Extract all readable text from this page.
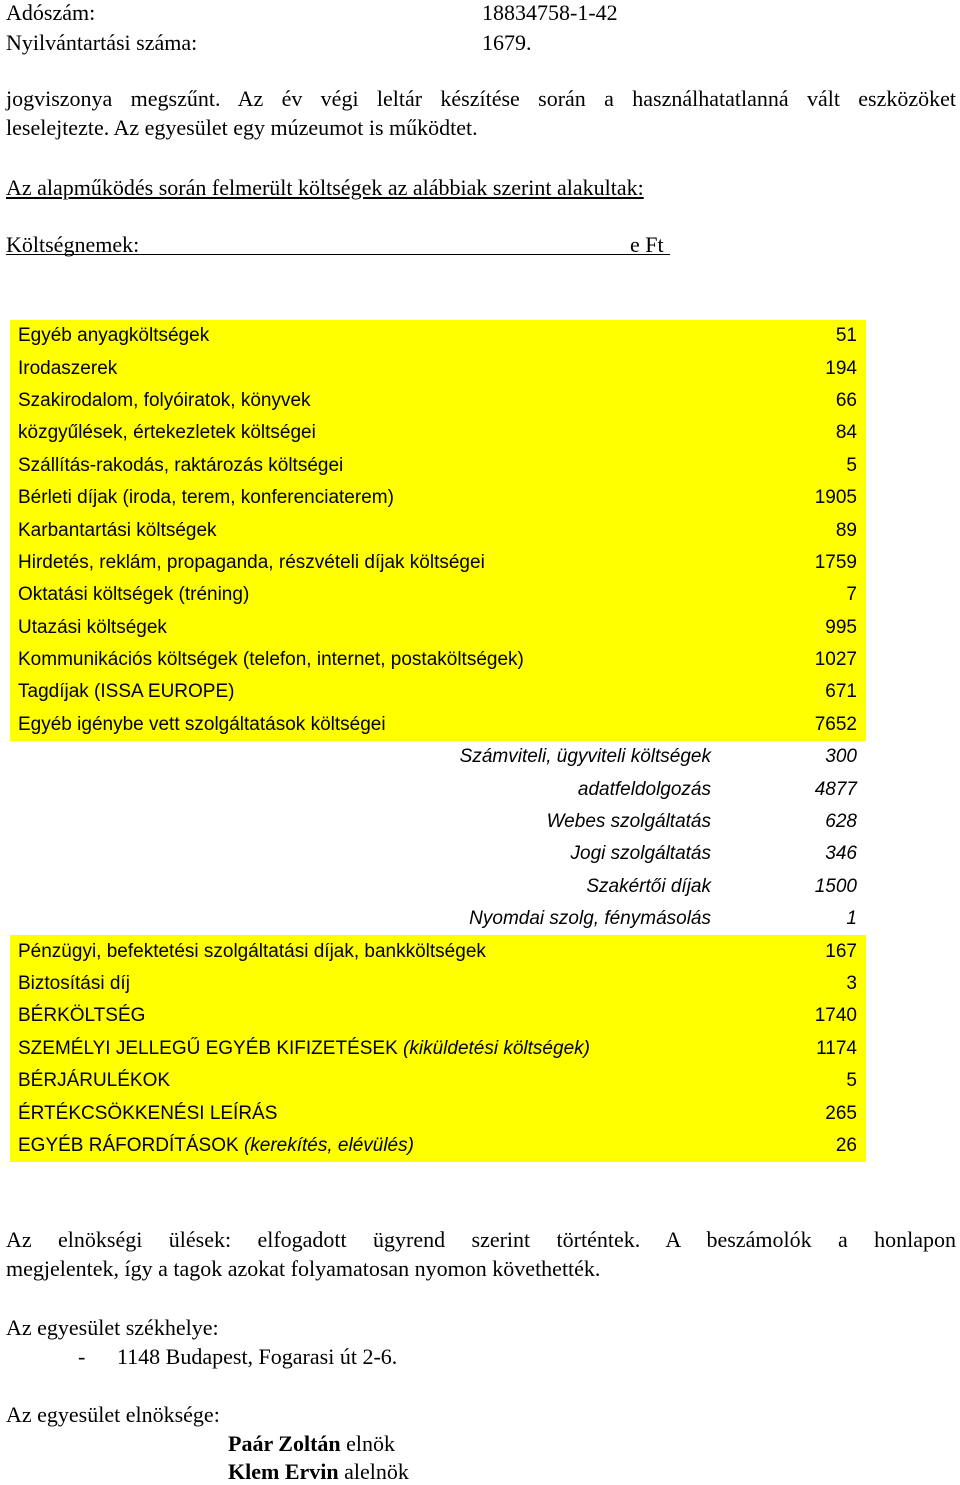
Adószám:	18834758-1-42
Nyilvántartási száma:	1679.
jogviszonya megszűnt. Az év végi leltár készítése során a használhatatlanná vált eszközöket
leselejtezte. Az egyesület egy múzeumot is működtet.
Az alapműködés során felmerült költségek az alábbiak szerint alakultak:
Költségnemek:	e Ft
Egyéb anyagköltségek	51
Irodaszerek	194
Szakirodalom, folyóiratok, könyvek	66
közgyűlések, értekezletek költségei	84
Szállítás-rakodás, raktározás költségei	5
Bérleti díjak (iroda, terem, konferenciaterem)	1905
Karbantartási költségek	89
Hirdetés, reklám, propaganda, részvételi díjak költségei	1759
Oktatási költségek (tréning)	7
Utazási költségek	995
Kommunikációs költségek (telefon, internet, postaköltségek)	1027
Tagdíjak (ISSA EUROPE)	671
Egyéb igénybe vett szolgáltatások költségei	7652
Számviteli, ügyviteli költségek	300
adatfeldolgozás	4877
Webes szolgáltatás	628
Jogi szolgáltatás	346
Szakértői díjak	1500
Nyomdai szolg, fénymásolás	1
Pénzügyi, befektetési szolgáltatási díjak, bankköltségek	167
Biztosítási díj	3
BÉRKÖLTSÉG	1740
SZEMÉLYI JELLEGŰ EGYÉB KIFIZETÉSEK (kiküldetési költségek)	1174
BÉRJÁRULÉKOK	5
ÉRTÉKCSÖKKENÉSI LEÍRÁS	265
EGYÉB RÁFORDÍTÁSOK (kerekítés, elévülés)	26
Az elnökségi ülések: elfogadott ügyrend szerint történtek. A beszámolók a honlapon
megjelentek, így a tagok azokat folyamatosan nyomon követhették.
Az egyesület székhelye:
- 1148 Budapest, Fogarasi út 2-6.
Az egyesület elnöksége:
Paár Zoltán elnök
Klem Ervin alelnök
